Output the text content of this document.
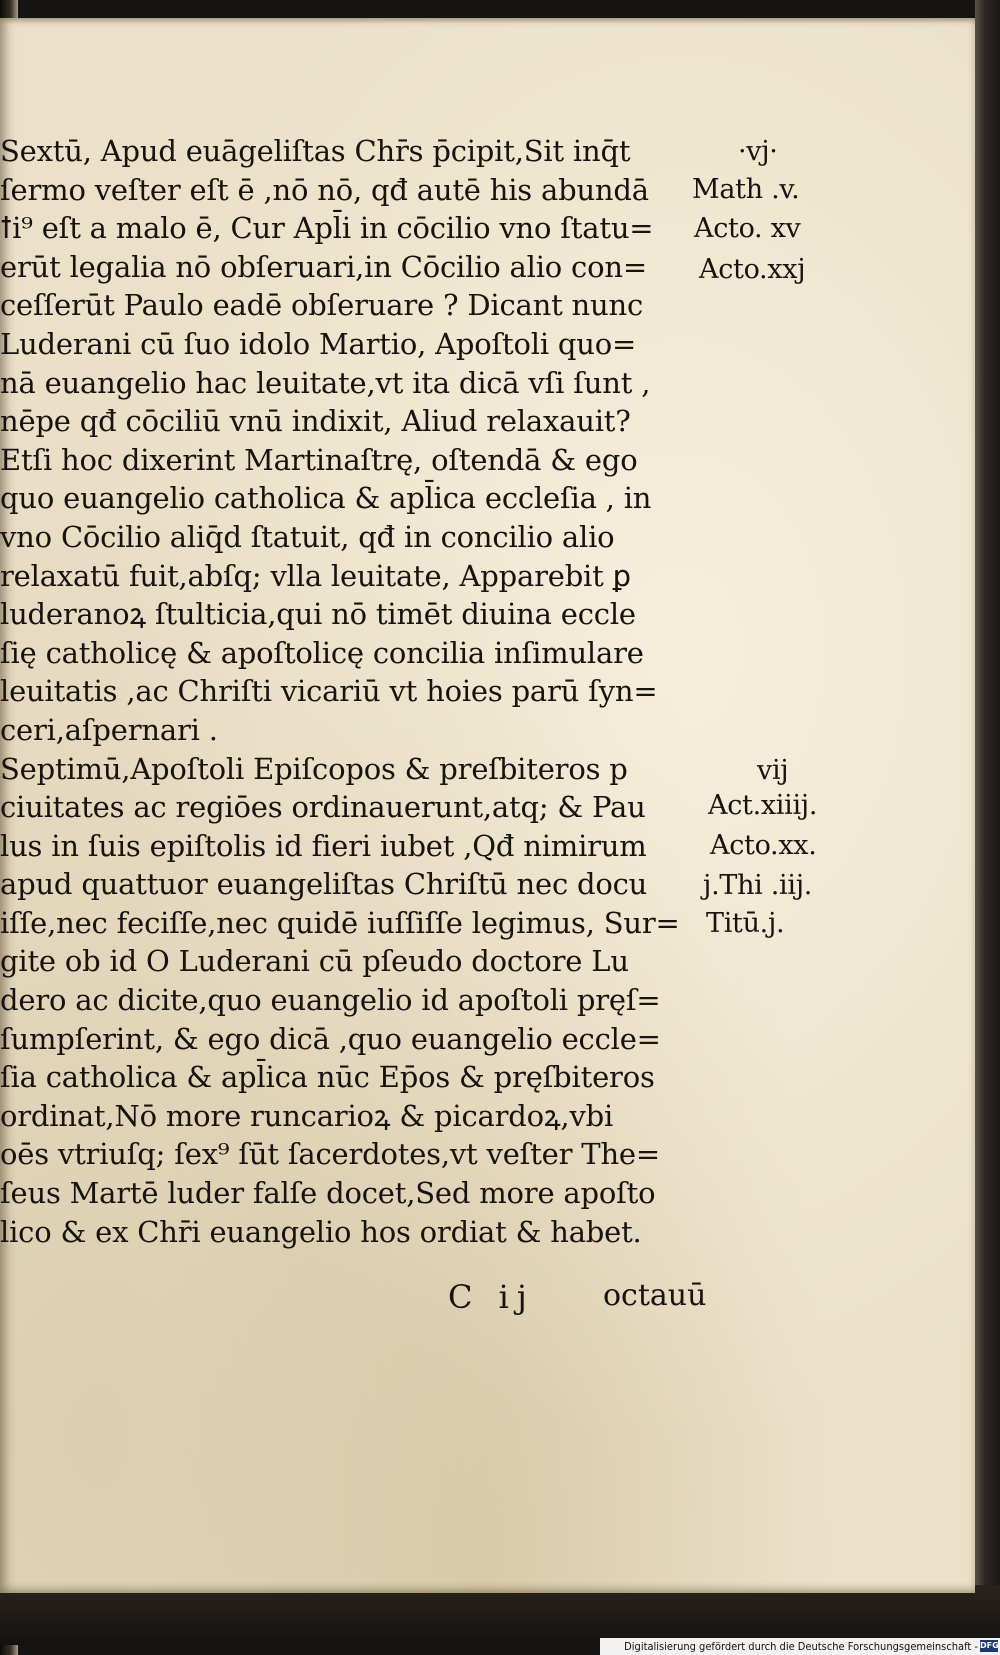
Sextū, Apud euāgeliſtas Chr̄s p̄cipit,Sit inq̄t
ſermo veſter eſt ē ,nō nō, qđ autē his abundā
ꝉi⁹ eſt a malo ē, Cur Apl̄i in cōcilio vno ſtatu=
erūt legalia nō obſeruari,in Cōcilio alio con=
ceſſerūt Paulo eadē obſeruare ? Dicant nunc
Luderani cū ſuo idolo Martio, Apoſtoli quo=
nā euangelio hac leuitate,vt ita dicā vſi ſunt ,
nēpe qđ cōciliū vnū indixit, Aliud relaxauit?
Etſi hoc dixerint Martinaſtrę, oſtendā & ego
quo euangelio catholica & apl̄ica eccleſia , in
vno Cōcilio aliq̄d ſtatuit, qđ in concilio alio
relaxatū fuit,abſq; vlla leuitate, Apparebit ꝑ
luderanoꝝ ſtulticia,qui nō timēt diuina eccle
ſię catholicę & apoſtolicę concilia inſimulare
leuitatis ,ac Chriſti vicariū vt hoies parū ſyn=
ceri,aſpernari .
Septimū,Apoſtoli Epiſcopos & preſbiteros p
ciuitates ac regiōes ordinauerunt,atq; & Pau
lus in ſuis epiſtolis id fieri iubet ,Qđ nimirum
apud quattuor euangeliſtas Chriſtū nec docu
iſſe,nec feciſſe,nec quidē iuſſiſſe legimus, Sur=
gite ob id O Luderani cū pſeudo doctore Lu
dero ac dicite,quo euangelio id apoſtoli pręſ=
ſumpſerint, & ego dicā ,quo euangelio eccle=
ſia catholica & apl̄ica nūc Ep̄os & pręſbiteros
ordinat,Nō more runcarioꝝ & picardoꝝ,vbi
oēs vtriuſq; ſex⁹ ſūt ſacerdotes,vt veſter The=
ſeus Martē luder falſe docet,Sed more apoſto
lico & ex Chr̄i euangelio hos ordiat & habet.
·vj·
Math .v.
Acto. xv
Acto.xxj
vij
Act.xiiij.
Acto.xx.
j.Thi .iij.
Titū.j.
C ij octauū
Digitalisierung gefördert durch die Deutsche Forschungsgemeinschaft - DFG
